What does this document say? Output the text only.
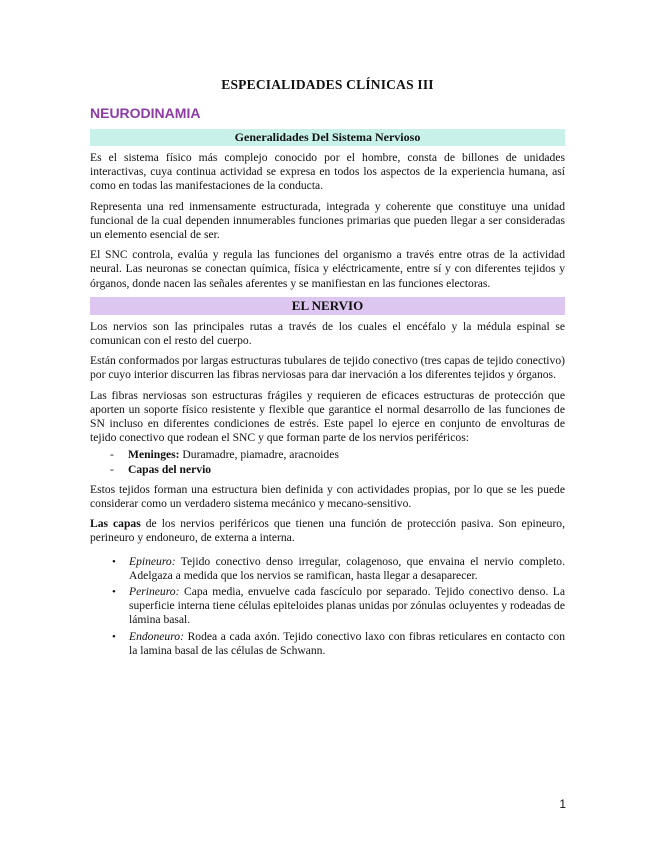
ESPECIALIDADES CLÍNICAS III
NEURODINAMIA
Generalidades Del Sistema Nervioso

Es el sistema físico más complejo conocido por el hombre, consta de billones de unidades interactivas, cuya continua actividad se expresa en todos los aspectos de la experiencia humana, así como en todas las manifestaciones de la conducta.

Representa una red inmensamente estructurada, integrada y coherente que constituye una unidad funcional de la cual dependen innumerables funciones primarias que pueden llegar a ser consideradas un elemento esencial de ser.

El SNC controla, evalúa y regula las funciones del organismo a través entre otras de la actividad neural. Las neuronas se conectan química, física y eléctricamente, entre sí y con diferentes tejidos y órganos, donde nacen las señales aferentes y se manifiestan en las funciones electoras.

EL NERVIO

Los nervios son las principales rutas a través de los cuales el encéfalo y la médula espinal se comunican con el resto del cuerpo.

Están conformados por largas estructuras tubulares de tejido conectivo (tres capas de tejido conectivo) por cuyo interior discurren las fibras nerviosas para dar inervación a los diferentes tejidos y órganos.

Las fibras nerviosas son estructuras frágiles y requieren de eficaces estructuras de protección que aporten un soporte físico resistente y flexible que garantice el normal desarrollo de las funciones de SN incluso en diferentes condiciones de estrés. Este papel lo ejerce en conjunto de envolturas de tejido conectivo que rodean el SNC y que forman parte de los nervios periféricos:

- Meninges: Duramadre, piamadre, aracnoides
- Capas del nervio

Estos tejidos forman una estructura bien definida y con actividades propias, por lo que se les puede considerar como un verdadero sistema mecánico y mecano-sensitivo.

Las capas de los nervios periféricos que tienen una función de protección pasiva. Son epineuro, perineuro y endoneuro, de externa a interna.

• Epineuro: Tejido conectivo denso irregular, colagenoso, que envaina el nervio completo. Adelgaza a medida que los nervios se ramifican, hasta llegar a desaparecer.
• Perineuro: Capa media, envuelve cada fascículo por separado. Tejido conectivo denso. La superficie interna tiene células epiteloides planas unidas por zónulas ocluyentes y rodeadas de lámina basal.
• Endoneuro: Rodea a cada axón. Tejido conectivo laxo con fibras reticulares en contacto con la lamina basal de las células de Schwann.
1
